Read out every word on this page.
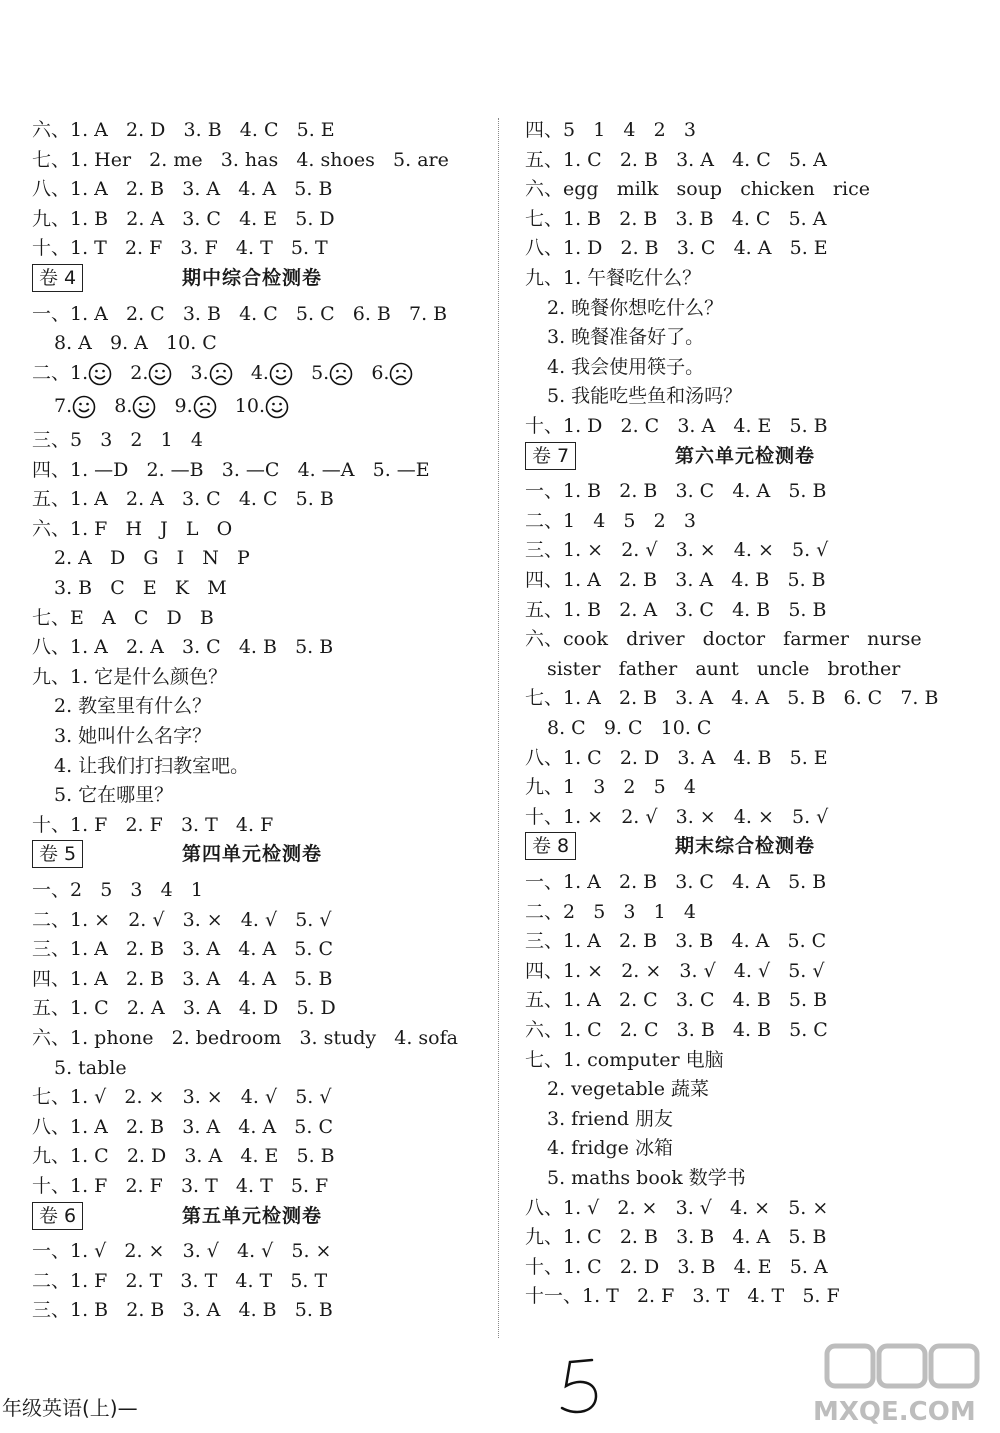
六、1. A   2. D   3. B   4. C   5. E
七、1. Her   2. me   3. has   4. shoes   5. are
八、1. A   2. B   3. A   4. A   5. B
九、1. B   2. A   3. C   4. E   5. D
十、1. T   2. F   3. F   4. T   5. T
卷 4	期中综合检测卷
一、1. A   2. C   3. B   4. C   5. C   6. B   7. B
8. A   9. A   10. C
二、1. 2. 3. 4. 5. 6.

7. 8. 9. 10.

三、5   3   2   1   4
四、1. —D   2. —B   3. —C   4. —A   5. —E
五、1. A   2. A   3. C   4. C   5. B
六、1. F   H   J   L   O
2. A   D   G   I   N   P
3. B   C   E   K   M
七、E   A   C   D   B
八、1. A   2. A   3. C   4. B   5. B
九、1. 它是什么颜色？
2. 教室里有什么？
3. 她叫什么名字？
4. 让我们打扫教室吧。
5. 它在哪里？
十、1. F   2. F   3. T   4. F
卷 5	第四单元检测卷
一、2   5   3   4   1
二、1. ×   2. √   3. ×   4. √   5. √
三、1. A   2. B   3. A   4. A   5. C
四、1. A   2. B   3. A   4. A   5. B
五、1. C   2. A   3. A   4. D   5. D
六、1. phone   2. bedroom   3. study   4. sofa
5. table
七、1. √   2. ×   3. ×   4. √   5. √
八、1. A   2. B   3. A   4. A   5. C
九、1. C   2. D   3. A   4. E   5. B
十、1. F   2. F   3. T   4. T   5. F
卷 6	第五单元检测卷
一、1. √   2. ×   3. √   4. √   5. ×
二、1. F   2. T   3. T   4. T   5. T
三、1. B   2. B   3. A   4. B   5. B
四、5   1   4   2   3
五、1. C   2. B   3. A   4. C   5. A
六、egg   milk   soup   chicken   rice
七、1. B   2. B   3. B   4. C   5. A
八、1. D   2. B   3. C   4. A   5. E
九、1. 午餐吃什么？
2. 晚餐你想吃什么？
3. 晚餐准备好了。
4. 我会使用筷子。
5. 我能吃些鱼和汤吗？
十、1. D   2. C   3. A   4. E   5. B
卷 7	第六单元检测卷
一、1. B   2. B   3. C   4. A   5. B
二、1   4   5   2   3
三、1. ×   2. √   3. ×   4. ×   5. √
四、1. A   2. B   3. A   4. B   5. B
五、1. B   2. A   3. C   4. B   5. B
六、cook   driver   doctor   farmer   nurse
sister   father   aunt   uncle   brother
七、1. A   2. B   3. A   4. A   5. B   6. C   7. B
8. C   9. C   10. C
八、1. C   2. D   3. A   4. B   5. E
九、1   3   2   5   4
十、1. ×   2. √   3. ×   4. ×   5. √
卷 8	期末综合检测卷
一、1. A   2. B   3. C   4. A   5. B
二、2   5   3   1   4
三、1. A   2. B   3. B   4. A   5. C
四、1. ×   2. ×   3. √   4. √   5. √
五、1. A   2. C   3. C   4. B   5. B
六、1. C   2. C   3. B   4. B   5. C
七、1. computer 电脑
2. vegetable 蔬菜
3. friend 朋友
4. fridge 冰箱
5. maths book 数学书
八、1. √   2. ×   3. √   4. ×   5. ×
九、1. C   2. B   3. B   4. A   5. B
十、1. C   2. D   3. B   4. E   5. A
十一、1. T   2. F   3. T   4. T   5. F
年级英语(上)—	MXQE.COM
